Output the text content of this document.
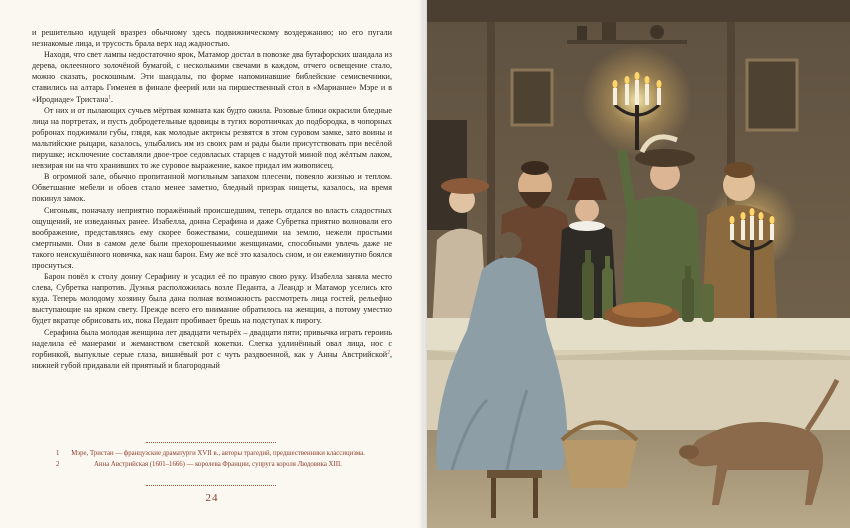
и решительно идущей вразрез обычному здесь подвижническому воздержанию; но его пугали незнакомые лица, и трусость брала верх над жадностью.

Находя, что свет лампы недостаточно ярок, Матамор достал в повозке два бутафорских шандала из дерева, оклеенного золочёной бумагой, с несколькими свечами в каждом, отчего освещение стало, можно сказать, роскошным. Эти шандалы, по форме напоминавшие библейские семисвечники, ставились на алтарь Гименея в финале феерий или на пиршественный стол в «Марианне» Мэре и в «Иродиаде» Тристана$^1$.

От них и от пылающих сучьев мёртвая комната как будто ожила. Розовые блики окрасили бледные лица на портретах, и пусть добродетельные вдовицы в тугих воротничках до подбородка, в чопорных робронах поджимали губы, глядя, как молодые актрисы резвятся в этом суровом замке, зато воины и мальтийские рыцари, казалось, улыбались им из своих рам и рады были присутствовать при весёлой пирушке; исключение составляли двое-трое седовласых старцев с надутой миной под жёлтым лаком, невзирая ни на что хранивших то же суровое выражение, какое придал им живописец.

В огромной зале, обычно пропитанной могильным запахом плесени, повеяло жизнью и теплом. Обветшание мебели и обоев стало менее заметно, бледный призрак нищеты, казалось, на время покинул замок.

Сигоньяк, поначалу неприятно поражённый происшедшим, теперь отдался во власть сладостных ощущений, не изведанных ранее. Изабелла, донна Серафина и даже Субретка приятно волновали его воображение, представляясь ему скорее божествами, сошедшими на землю, нежели простыми смертными. Они в самом деле были прехорошенькими женщинами, способными увлечь даже не такого неискушённого новичка, как наш барон. Ему же всё это казалось сном, и он ежеминутно боялся проснуться.

Барон повёл к столу донну Серафину и усадил её по правую свою руку. Изабелла заняла место слева, Субретка напротив. Дуэнья расположилась возле Педанта, а Леандр и Матамор уселись кто куда. Теперь молодому хозяину была дана полная возможность рассмотреть лица гостей, рельефно выступающие на ярком свету. Прежде всего его внимание обратилось на женщин, а потому уместно будет вкратце обрисовать их, пока Педант пробивает брешь на подступах к пирогу.

Серафина была молодая женщина лет двадцати четырёх – двадцати пяти; привычка играть героинь наделила её манерами и жеманством светской кокетки. Слегка удлинённый овал лица, нос с горбинкой, выпуклые серые глаза, вишнёвый рот с чуть раздвоенной, как у Анны Австрийской$^2$, нижней губой придавали ей приятный и благородный

1	Мэре, Тристан — французские драматурги XVII в., авторы трагедий, предшественники классицизма.
2	Анна Австрийская (1601–1666) — королева Франции, супруга короля Людовика XIII.
24
